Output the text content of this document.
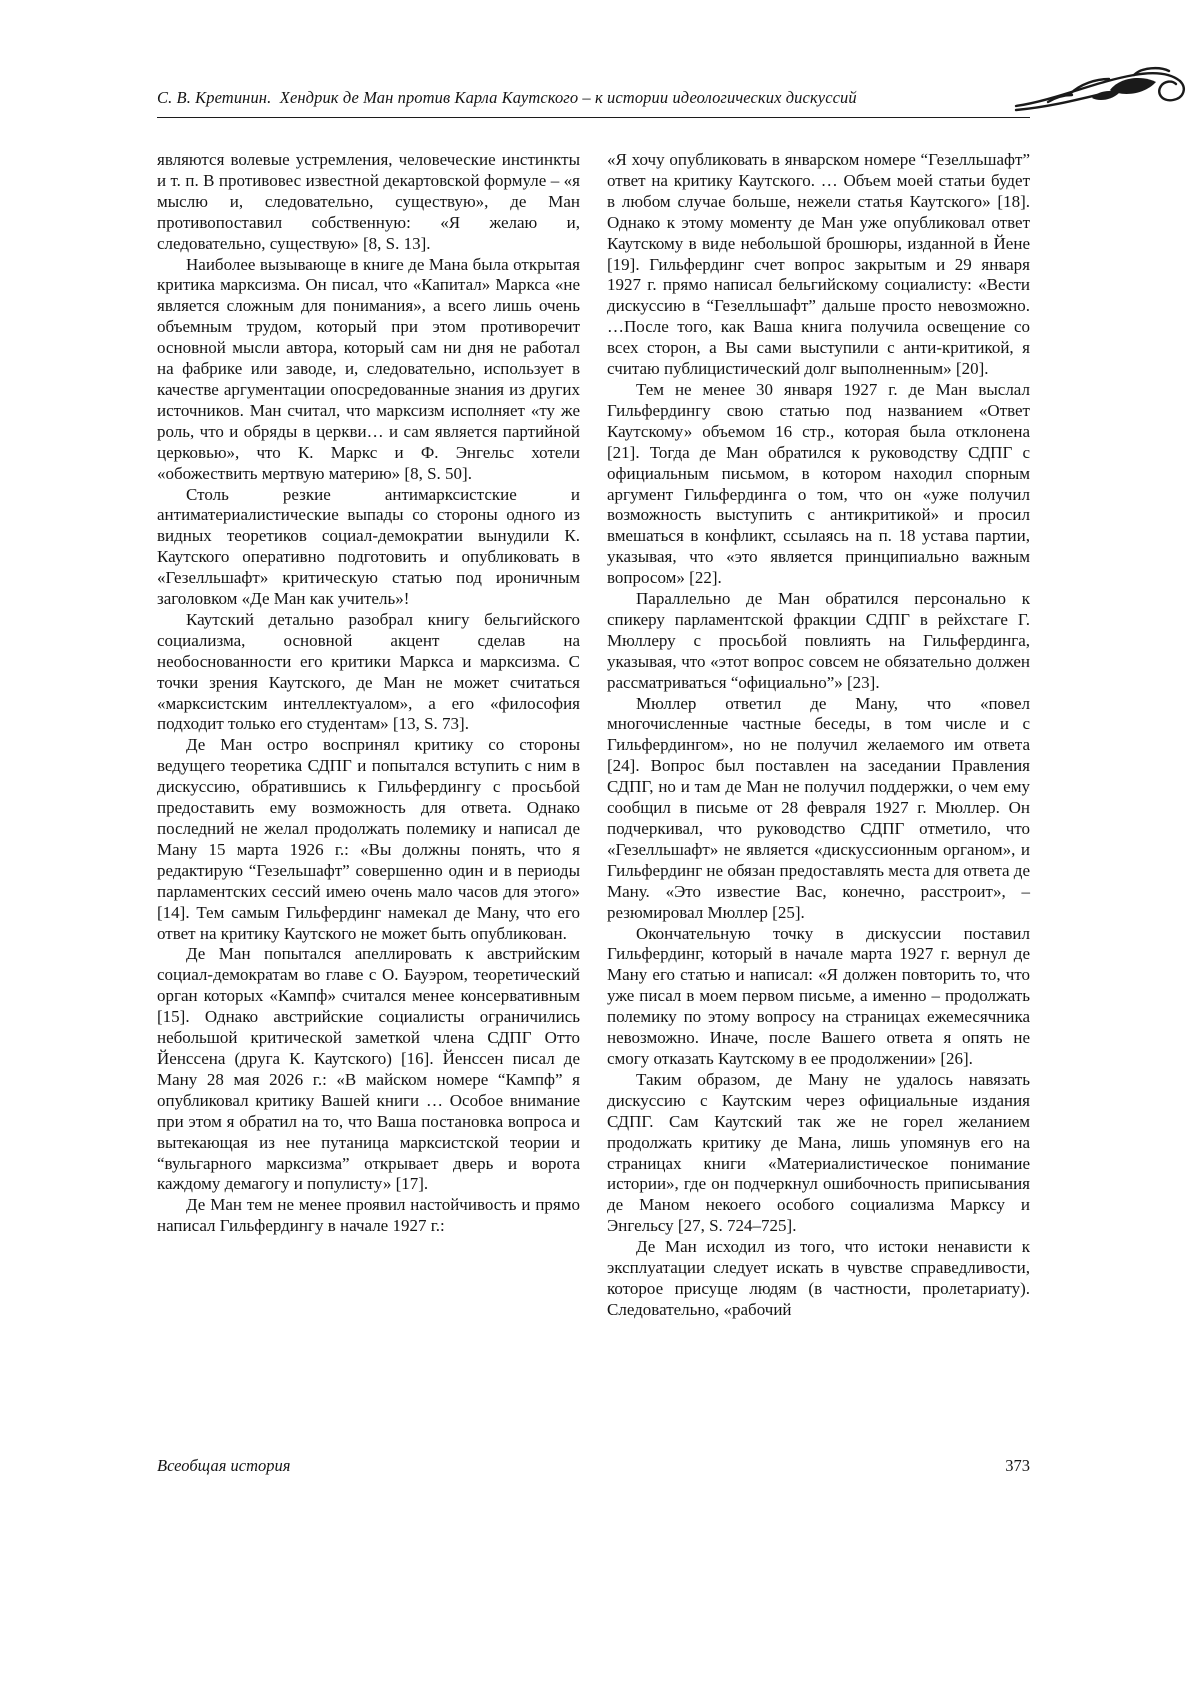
С. В. Кретинин.  Хендрик де Ман против Карла Каутского – к истории идеологических дискуссий

являются волевые устремления, человеческие инстинкты и т. п. В противовес известной декартовской формуле – «я мыслю и, следовательно, существую», де Ман противопоставил собственную: «Я желаю и, следовательно, существую» [8, S. 13].

Наиболее вызывающе в книге де Мана была открытая критика марксизма. Он писал, что «Капитал» Маркса «не является сложным для понимания», а всего лишь очень объемным трудом, который при этом противоречит основной мысли автора, который сам ни дня не работал на фабрике или заводе, и, следовательно, использует в качестве аргументации опосредованные знания из других источников. Ман считал, что марксизм исполняет «ту же роль, что и обряды в церкви… и сам является партийной церковью», что К. Маркс и Ф. Энгельс хотели «обожествить мертвую материю» [8, S. 50].

Столь резкие антимарксистские и антиматериалистические выпады со стороны одного из видных теоретиков социал-демократии вынудили К. Каутского оперативно подготовить и опубликовать в «Гезелльшафт» критическую статью под ироничным заголовком «Де Ман как учитель»!

Каутский детально разобрал книгу бельгийского социализма, основной акцент сделав на необоснованности его критики Маркса и марксизма. С точки зрения Каутского, де Ман не может считаться «марксистским интеллектуалом», а его «философия подходит только его студентам» [13, S. 73].

Де Ман остро воспринял критику со стороны ведущего теоретика СДПГ и попытался вступить с ним в дискуссию, обратившись к Гильфердингу с просьбой предоставить ему возможность для ответа. Однако последний не желал продолжать полемику и написал де Ману 15 марта 1926 г.: «Вы должны понять, что я редактирую “Гезельшафт” совершенно один и в периоды парламентских сессий имею очень мало часов для этого» [14]. Тем самым Гильфердинг намекал де Ману, что его ответ на критику Каутского не может быть опубликован.

Де Ман попытался апеллировать к австрийским социал-демократам во главе с О. Бауэром, теоретический орган которых «Кампф» считался менее консервативным [15]. Однако австрийские социалисты ограничились небольшой критической заметкой члена СДПГ Отто Йенссена (друга К. Каутского) [16]. Йенссен писал де Ману 28 мая 2026 г.: «В майском номере “Кампф” я опубликовал критику Вашей книги … Особое внимание при этом я обратил на то, что Ваша постановка вопроса и вытекающая из нее путаница марксистской теории и “вульгарного марксизма” открывает дверь и ворота каждому демагогу и популисту» [17].

Де Ман тем не менее проявил настойчивость и прямо написал Гильфердингу в начале 1927 г.:

«Я хочу опубликовать в январском номере “Гезелльшафт” ответ на критику Каутского. … Объем моей статьи будет в любом случае больше, нежели статья Каутского» [18]. Однако к этому моменту де Ман уже опубликовал ответ Каутскому в виде небольшой брошюры, изданной в Йене [19]. Гильфердинг счет вопрос закрытым и 29 января 1927 г. прямо написал бельгийскому социалисту: «Вести дискуссию в “Гезелльшафт” дальше просто невозможно. …После того, как Ваша книга получила освещение со всех сторон, а Вы сами выступили с анти-критикой, я считаю публицистический долг выполненным» [20].

Тем не менее 30 января 1927 г. де Ман выслал Гильфердингу свою статью под названием «Ответ Каутскому» объемом 16 стр., которая была отклонена [21]. Тогда де Ман обратился к руководству СДПГ с официальным письмом, в котором находил спорным аргумент Гильфердинга о том, что он «уже получил возможность выступить с антикритикой» и просил вмешаться в конфликт, ссылаясь на п. 18 устава партии, указывая, что «это является принципиально важным вопросом» [22].

Параллельно де Ман обратился персонально к спикеру парламентской фракции СДПГ в рейхстаге Г. Мюллеру с просьбой повлиять на Гильфердинга, указывая, что «этот вопрос совсем не обязательно должен рассматриваться “официально”» [23].

Мюллер ответил де Ману, что «повел многочисленные частные беседы, в том числе и с Гильфердингом», но не получил желаемого им ответа [24]. Вопрос был поставлен на заседании Правления СДПГ, но и там де Ман не получил поддержки, о чем ему сообщил в письме от 28 февраля 1927 г. Мюллер. Он подчеркивал, что руководство СДПГ отметило, что «Гезелльшафт» не является «дискуссионным органом», и Гильфердинг не обязан предоставлять места для ответа де Ману. «Это известие Вас, конечно, расстроит», – резюмировал Мюллер [25].

Окончательную точку в дискуссии поставил Гильфердинг, который в начале марта 1927 г. вернул де Ману его статью и написал: «Я должен повторить то, что уже писал в моем первом письме, а именно – продолжать полемику по этому вопросу на страницах ежемесячника невозможно. Иначе, после Вашего ответа я опять не смогу отказать Каутскому в ее продолжении» [26].

Таким образом, де Ману не удалось навязать дискуссию с Каутским через официальные издания СДПГ. Сам Каутский так же не горел желанием продолжать критику де Мана, лишь упомянув его на страницах книги «Материалистическое понимание истории», где он подчеркнул ошибочность приписывания де Маном некоего особого социализма Марксу и Энгельсу [27, S. 724–725].

Де Ман исходил из того, что истоки ненависти к эксплуатации следует искать в чувстве справедливости, которое присуще людям (в частности, пролетариату). Следовательно, «рабочий

Всеобщая история	373
